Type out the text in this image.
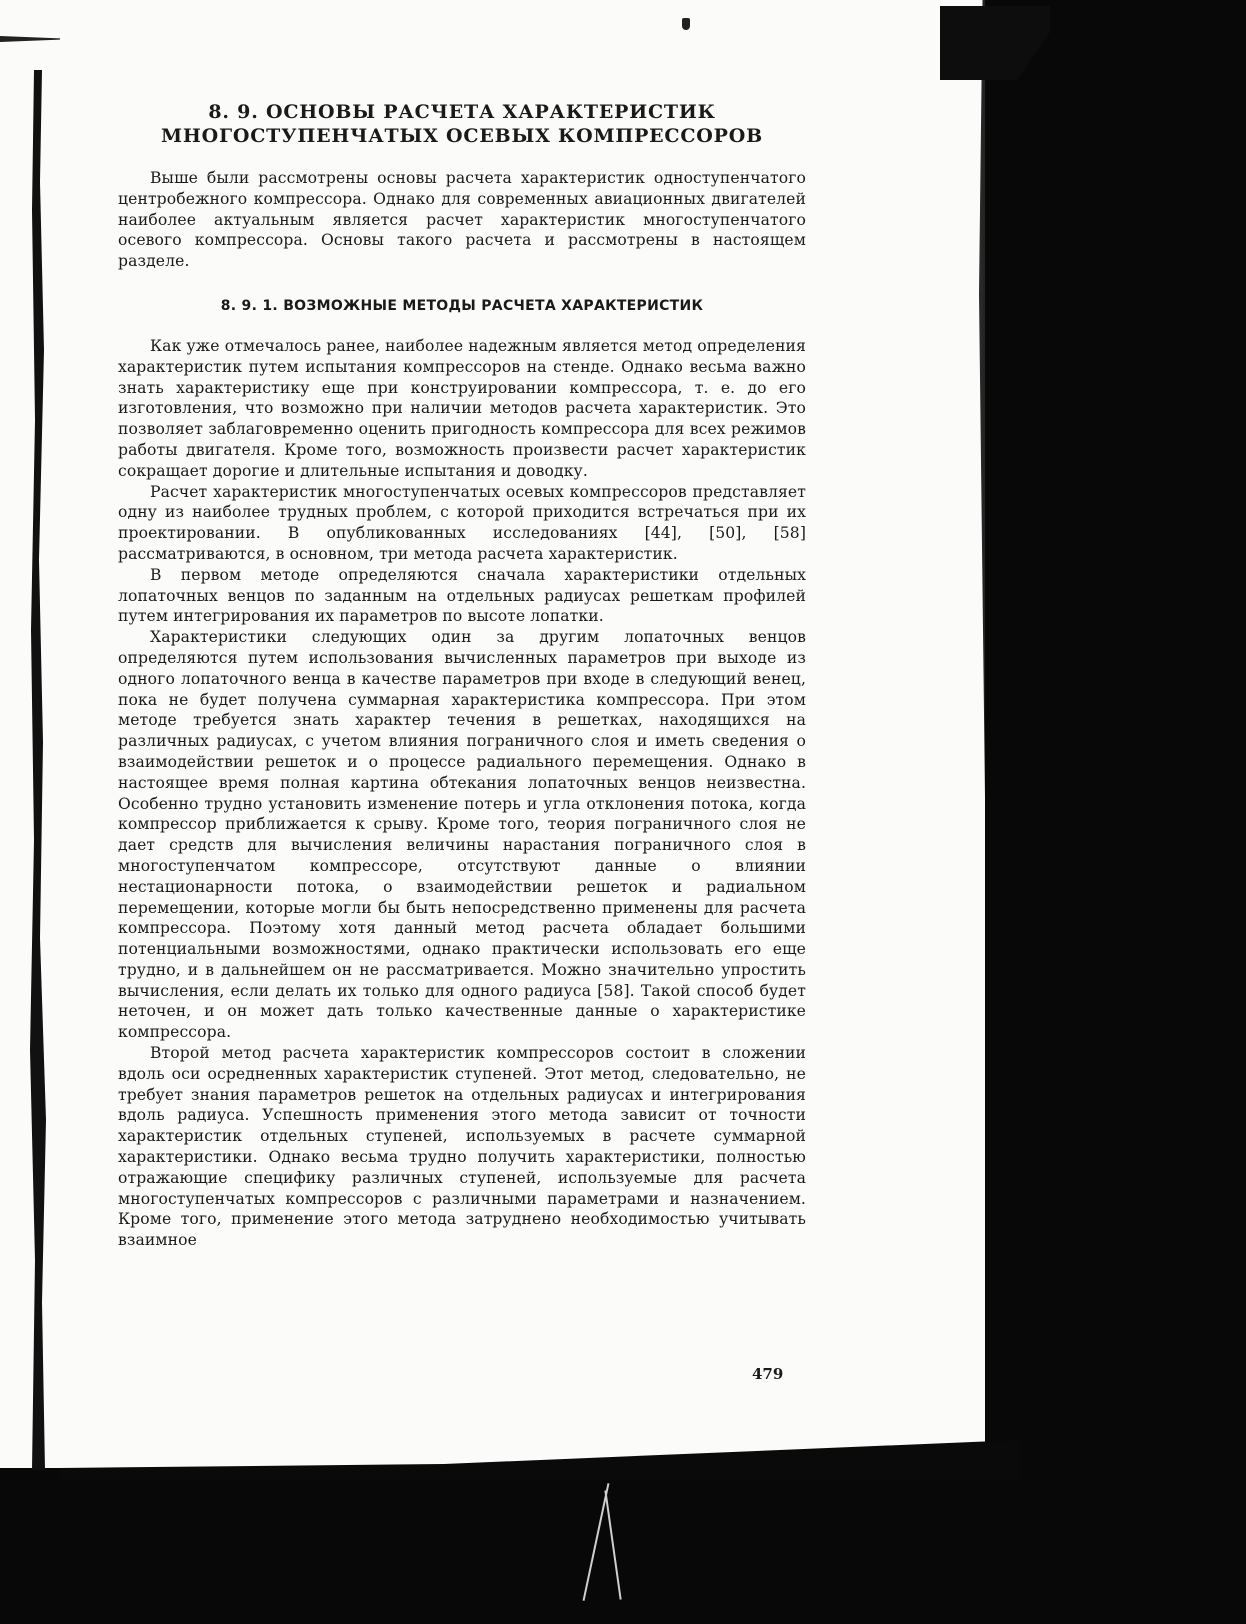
8. 9. ОСНОВЫ РАСЧЕТА ХАРАКТЕРИСТИК
МНОГОСТУПЕНЧАТЫХ ОСЕВЫХ КОМПРЕССОРОВ

Выше были рассмотрены основы расчета характеристик одноступенчатого центробежного компрессора. Однако для современных авиационных двигателей наиболее актуальным является расчет характеристик многоступенчатого осевого компрессора. Основы такого расчета и рассмотрены в настоящем разделе.

8. 9. 1. ВОЗМОЖНЫЕ МЕТОДЫ РАСЧЕТА ХАРАКТЕРИСТИК

Как уже отмечалось ранее, наиболее надежным является метод определения характеристик путем испытания компрессоров на стенде. Однако весьма важно знать характеристику еще при конструировании компрессора, т. е. до его изготовления, что возможно при наличии методов расчета характеристик. Это позволяет заблаговременно оценить пригодность компрессора для всех режимов работы двигателя. Кроме того, возможность произвести расчет характеристик сокращает дорогие и длительные испытания и доводку.

Расчет характеристик многоступенчатых осевых компрессоров представляет одну из наиболее трудных проблем, с которой приходится встречаться при их проектировании. В опубликованных исследованиях [44], [50], [58] рассматриваются, в основном, три метода расчета характеристик.

В первом методе определяются сначала характеристики отдельных лопаточных венцов по заданным на отдельных радиусах решеткам профилей путем интегрирования их параметров по высоте лопатки.

Характеристики следующих один за другим лопаточных венцов определяются путем использования вычисленных параметров при выходе из одного лопаточного венца в качестве параметров при входе в следующий венец, пока не будет получена суммарная характеристика компрессора. При этом методе требуется знать характер течения в решетках, находящихся на различных радиусах, с учетом влияния пограничного слоя и иметь сведения о взаимодействии решеток и о процессе радиального перемещения. Однако в настоящее время полная картина обтекания лопаточных венцов неизвестна. Особенно трудно установить изменение потерь и угла отклонения потока, когда компрессор приближается к срыву. Кроме того, теория пограничного слоя не дает средств для вычисления величины нарастания пограничного слоя в многоступенчатом компрессоре, отсутствуют данные о влиянии нестационарности потока, о взаимодействии решеток и радиальном перемещении, которые могли бы быть непосредственно применены для расчета компрессора. Поэтому хотя данный метод расчета обладает большими потенциальными возможностями, однако практически использовать его еще трудно, и в дальнейшем он не рассматривается. Можно значительно упростить вычисления, если делать их только для одного радиуса [58]. Такой способ будет неточен, и он может дать только качественные данные о характеристике компрессора.

Второй метод расчета характеристик компрессоров состоит в сложении вдоль оси осредненных характеристик ступеней. Этот метод, следовательно, не требует знания параметров решеток на отдельных радиусах и интегрирования вдоль радиуса. Успешность применения этого метода зависит от точности характеристик отдельных ступеней, используемых в расчете суммарной характеристики. Однако весьма трудно получить характеристики, полностью отражающие специфику различных ступеней, используемые для расчета многоступенчатых компрессоров с различными параметрами и назначением. Кроме того, применение этого метода затруднено необходимостью учитывать взаимное

479
